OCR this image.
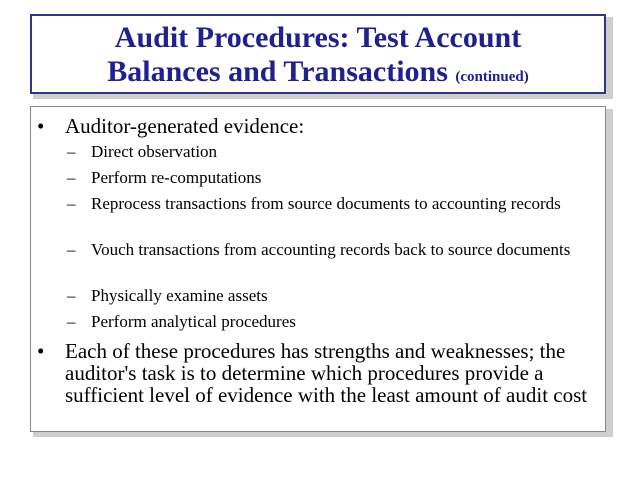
Audit Procedures: Test Account
Balances and Transactions (continued)
• Auditor-generated evidence:
– Direct observation
– Perform re-computations
– Reprocess transactions from source documents to accounting records
– Vouch transactions from accounting records back to source documents
– Physically examine assets
– Perform analytical procedures
• Each of these procedures has strengths and weaknesses; the auditor's task is to determine which procedures provide a sufficient level of evidence with the least amount of audit cost
